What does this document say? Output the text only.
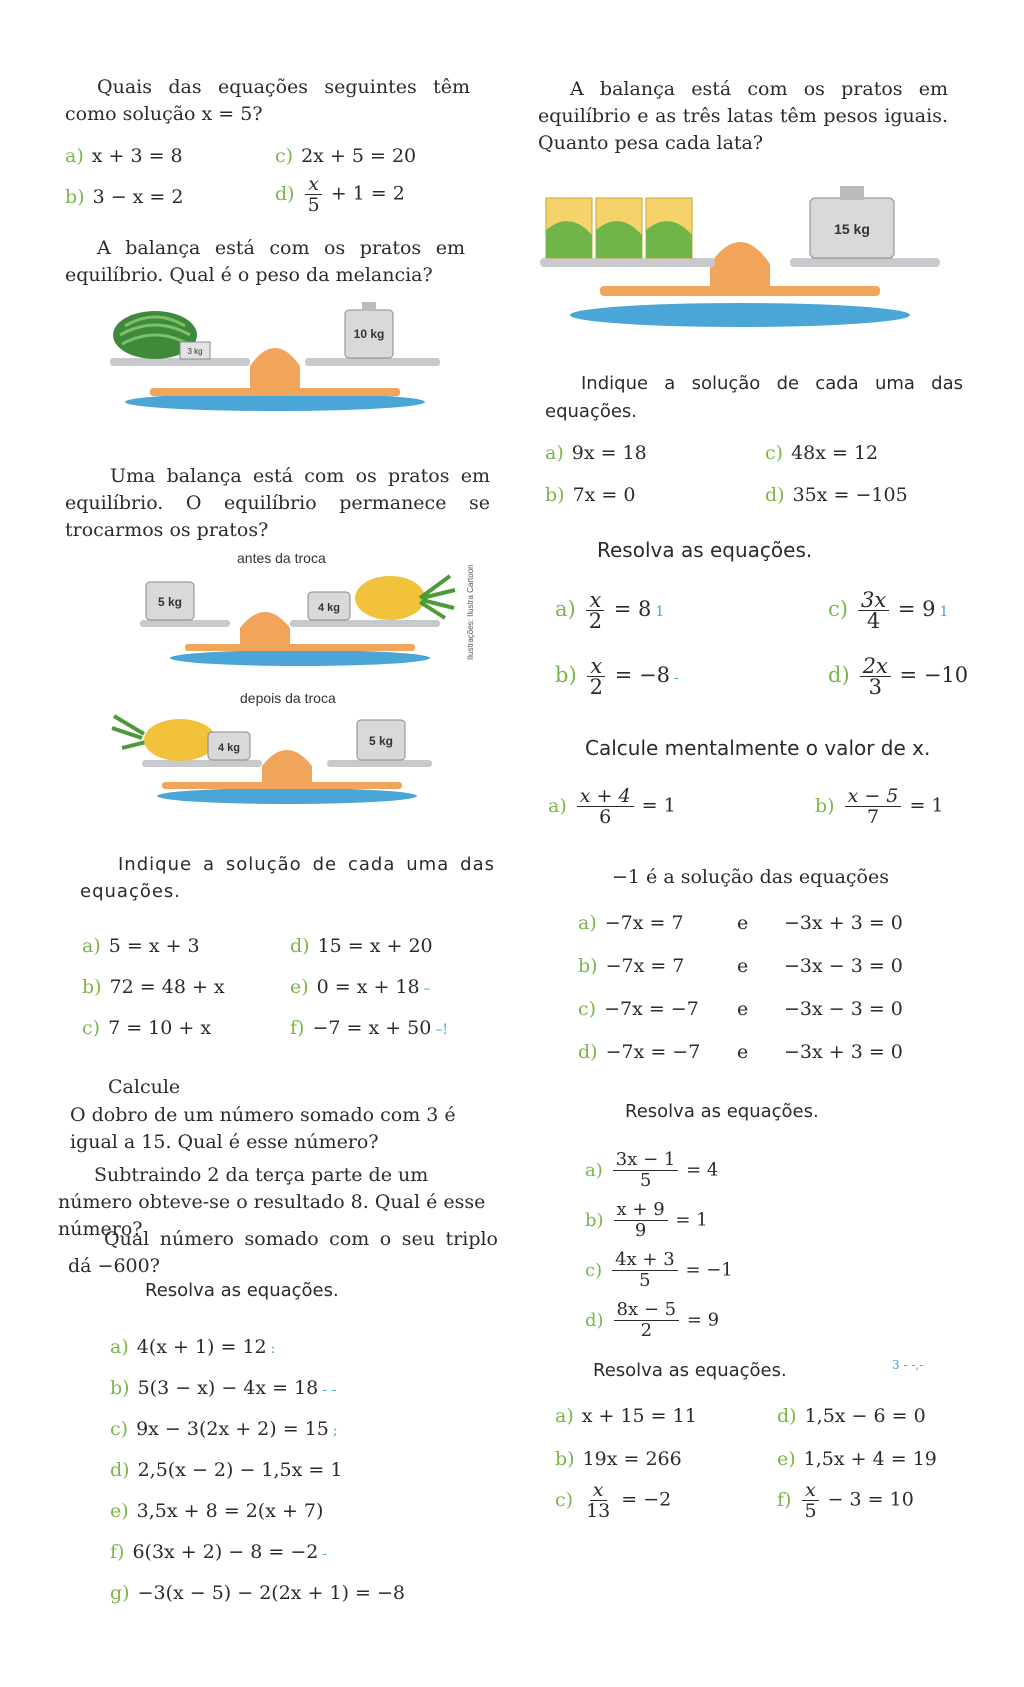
Quais das equações seguintes têm como solução x = 5?

a) x + 3 = 8	c) 2x + 5 = 20
b) 3 − x = 2	$d) \frac{x}{5} + 1 = 2$

A balança está com os pratos em equilíbrio. Qual é o peso da melancia?

3 kg
10 kg

Uma balança está com os pratos em equilíbrio. O equilíbrio permanece se trocarmos os pratos?

antes da troca
5 kg	4 kg	Ilustrações: Ilustra Cartoon
depois da troca
4 kg	5 kg

Indique a solução de cada uma das equações.

a) 5 = x + 3	d) 15 = x + 20
b) 72 = 48 + x	e) 0 = x + 18 –
c) 7 = 10 + x	f) −7 = x + 50 –!
Calcule

O dobro de um número somado com 3 é igual a 15. Qual é esse número?

Subtraindo 2 da terça parte de um número obteve-se o resultado 8. Qual é esse número?

Qual número somado com o seu triplo dá −600?

Resolva as equações.
a) 4(x + 1) = 12 :
b) 5(3 − x) − 4x = 18 - -
c) 9x − 3(2x + 2) = 15 ;
d) 2,5(x − 2) − 1,5x = 1
e) 3,5x + 8 = 2(x + 7)
f) 6(3x + 2) − 8 = −2 -
g) −3(x − 5) − 2(2x + 1) = −8

A balança está com os pratos em equilíbrio e as três latas têm pesos iguais. Quanto pesa cada lata?

15 kg

Indique a solução de cada uma das equações.

a) 9x = 18	c) 48x = 12
b) 7x = 0	d) 35x = −105
Resolva as equações.
$a) \frac{x}{2} = 8$ 1	$c) \frac{3x}{4} = 9$ 1
$b) \frac{x}{2} = -8$ -	$d) \frac{2x}{3} = -10$
Calcule mentalmente o valor de x.
$a) \frac{x + 4}{6} = 1$	$b) \frac{x - 5}{7} = 1$
−1 é a solução das equações
a) −7x = 7	e −3x + 3 = 0
b) −7x = 7	e −3x − 3 = 0
c) −7x = −7 e −3x − 3 = 0
d) −7x = −7 e −3x + 3 = 0
Resolva as equações.
$a) \frac{3x - 1}{5} = 4$
$b) \frac{x + 9}{9} = 1$
$c) \frac{4x + 3}{5} = -1$
$d) \frac{8x - 5}{2} = 9$
Resolva as equações.	3 - -,-
a) x + 15 = 11	d) 1,5x − 6 = 0
b) 19x = 266	e) 1,5x + 4 = 19
$c) \frac{x}{13} = -2$	$f) \frac{x}{5} - 3 = 10$
